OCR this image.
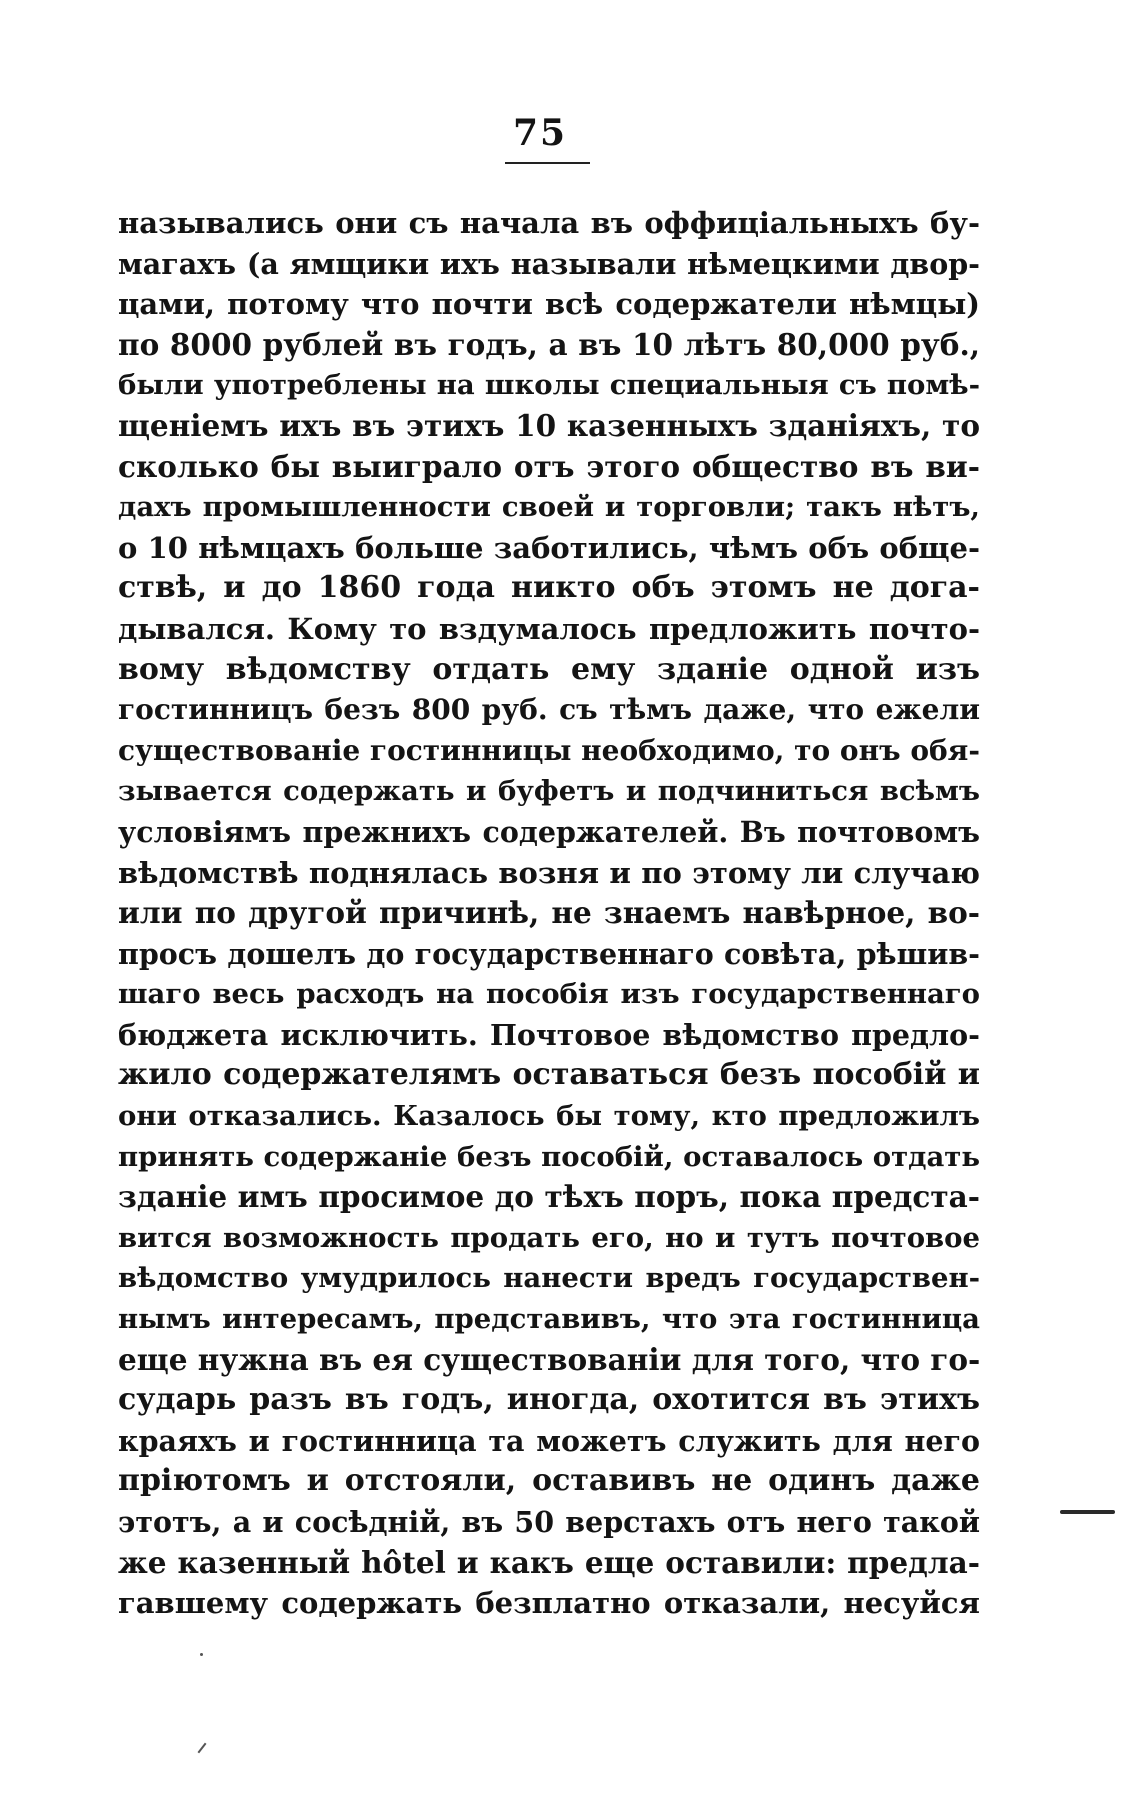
75
назывались они съ начала въ оффиціальныхъ бу-
магахъ (а ямщики ихъ называли нѣмецкими двор-
цами, потому что почти всѣ содержатели нѣмцы)
по 8000 рублей въ годъ, а въ 10 лѣтъ 80,000 руб.,
были употреблены на школы специальныя съ помѣ-
щеніемъ ихъ въ этихъ 10 казенныхъ зданіяхъ, то
сколько бы выиграло отъ этого общество въ ви-
дахъ промышленности своей и торговли; такъ нѣтъ,
о 10 нѣмцахъ больше заботились, чѣмъ объ обще-
ствѣ, и до 1860 года никто объ этомъ не дога-
дывался. Кому то вздумалось предложить почто-
вому вѣдомству отдать ему зданіе одной изъ
гостинницъ безъ 800 руб. съ тѣмъ даже, что ежели
существованіе гостинницы необходимо, то онъ обя-
зывается содержать и буфетъ и подчиниться всѣмъ
условіямъ прежнихъ содержателей. Въ почтовомъ
вѣдомствѣ поднялась возня и по этому ли случаю
или по другой причинѣ, не знаемъ навѣрное, во-
просъ дошелъ до государственнаго совѣта, рѣшив-
шаго весь расходъ на пособія изъ государственнаго
бюджета исключить. Почтовое вѣдомство предло-
жило содержателямъ оставаться безъ пособій и
они отказались. Казалось бы тому, кто предложилъ
принять содержаніе безъ пособій, оставалось отдать
зданіе имъ просимое до тѣхъ поръ, пока предста-
вится возможность продать его, но и тутъ почтовое
вѣдомство умудрилось нанести вредъ государствен-
нымъ интересамъ, представивъ, что эта гостинница
еще нужна въ ея существованіи для того, что го-
сударь разъ въ годъ, иногда, охотится въ этихъ
краяхъ и гостинница та можетъ служить для него
пріютомъ и отстояли, оставивъ не одинъ даже
этотъ, а и сосѣдній, въ 50 верстахъ отъ него такой
же казенный hôtel и какъ еще оставили: предла-
гавшему содержать безплатно отказали, несуйся
